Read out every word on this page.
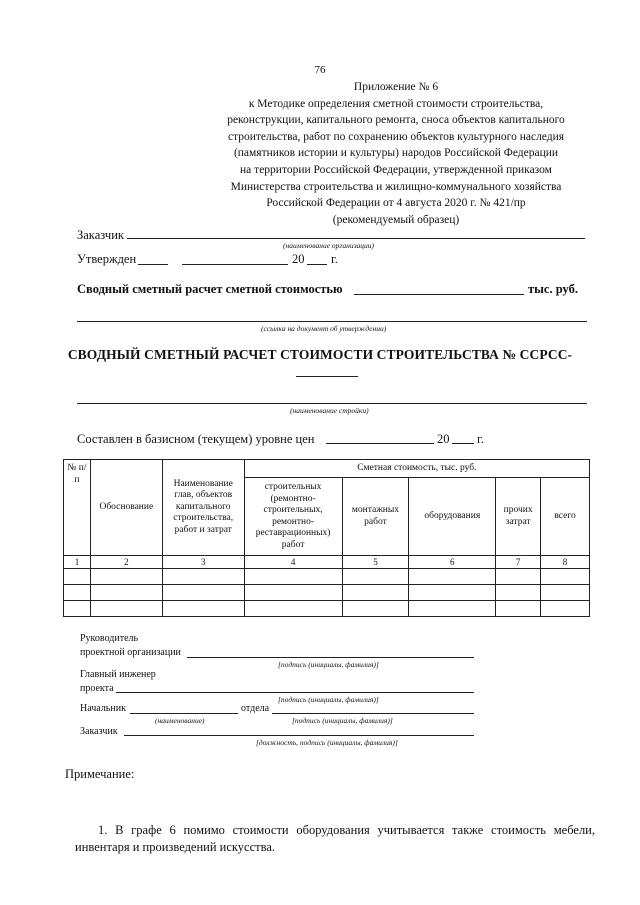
76
Приложение № 6
к Методике определения сметной стоимости строительства,
реконструкции, капитального ремонта, сноса объектов капитального
строительства, работ по сохранению объектов культурного наследия
(памятников истории и культуры) народов Российской Федерации
на территории Российской Федерации, утвержденной приказом
Министерства строительства и жилищно-коммунального хозяйства
Российской Федерации от 4 августа 2020 г. № 421/пр
(рекомендуемый образец)
Заказчик
(наименование организации)
Утвержден	20 г.
Сводный сметный расчет сметной стоимостью	тыс. руб.
(ссылка на документ об утверждении)
СВОДНЫЙ СМЕТНЫЙ РАСЧЕТ СТОИМОСТИ СТРОИТЕЛЬСТВА № ССРСС-
(наименование стройки)
Составлен в базисном (текущем) уровне цен	20 г.
№ п/ п	Обоснование	Наименование глав, объектов капитального строительства, работ и затрат	Сметная стоимость, тыс. руб.				
			строительных (ремонтно-строительных, ремонтно-реставрационных) работ	монтажных работ	оборудования	прочих затрат	всего
1	2	3	4	5	6	7	8

Руководитель
проектной организации
[подпись (инициалы, фамилия)]
Главный инженер
проекта
[подпись (инициалы, фамилия)]
Начальник	отдела
(наименование)	[подпись (инициалы, фамилия)]
Заказчик
[должность, подпись (инициалы, фамилия)]
Примечание:
1. В графе 6 помимо стоимости оборудования учитывается также стоимость мебели, инвентаря и произведений искусства.
